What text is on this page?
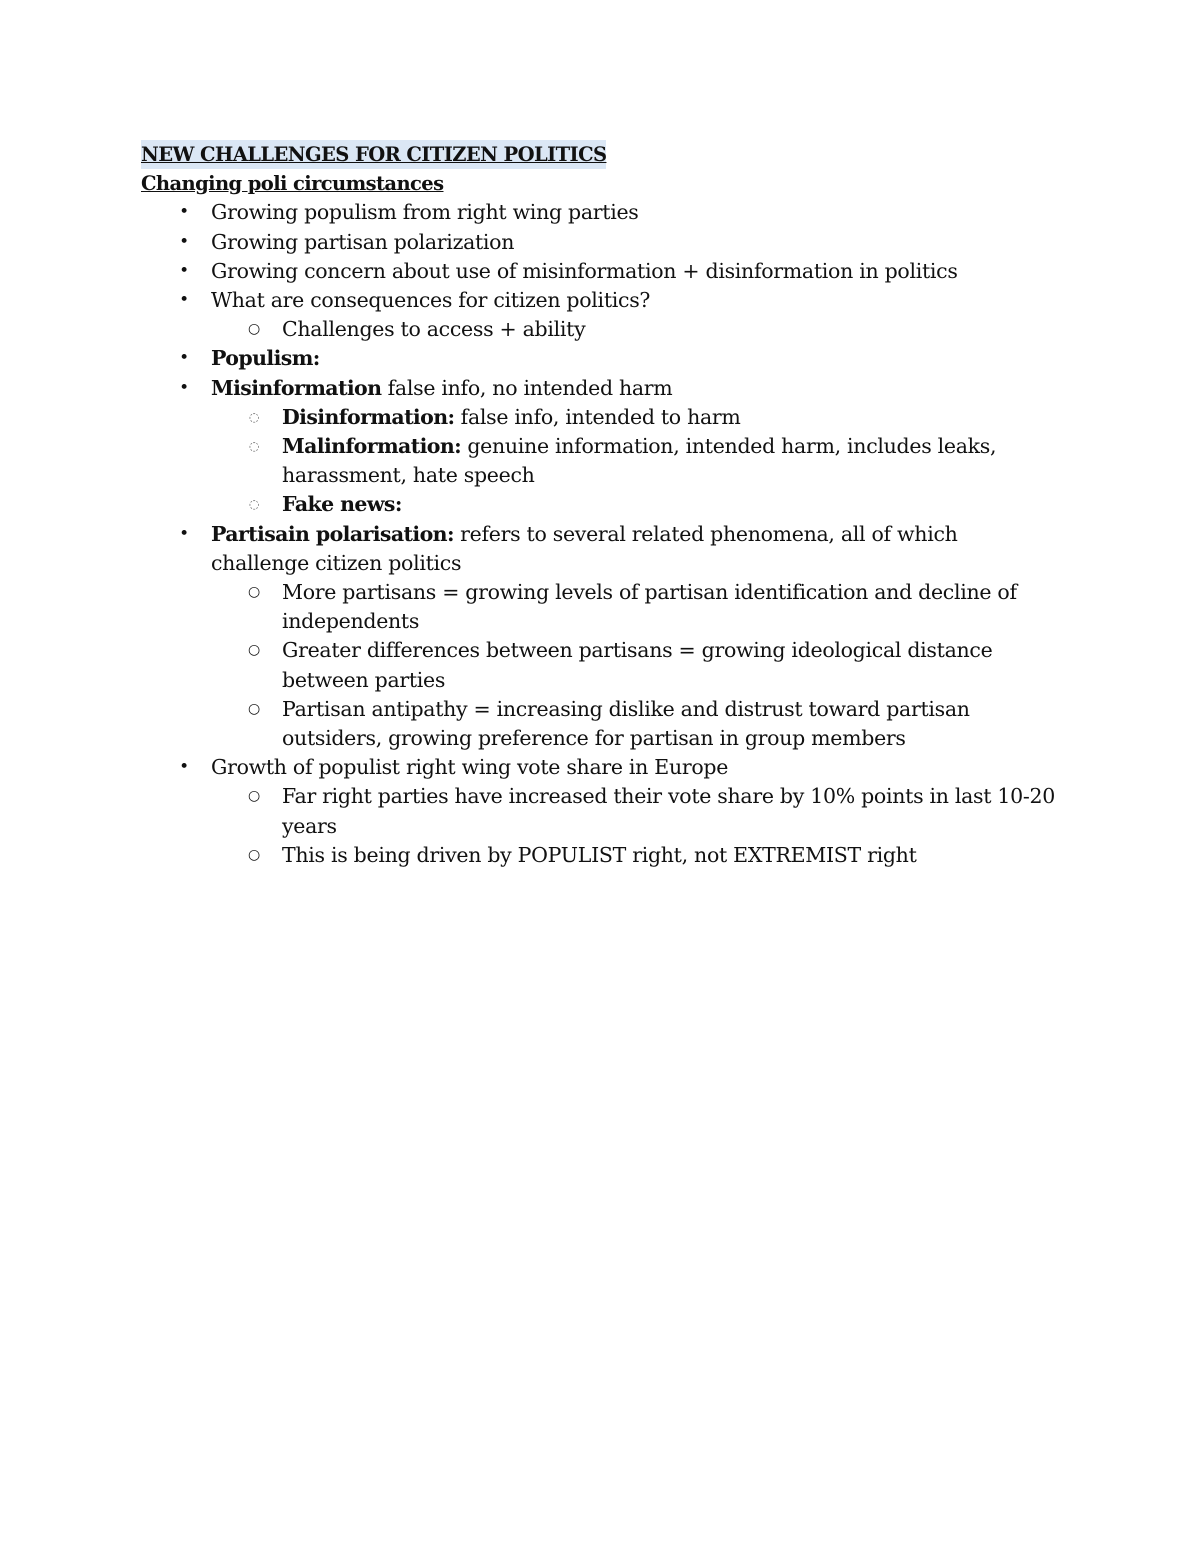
NEW CHALLENGES FOR CITIZEN POLITICS
Changing poli circumstances
• Growing populism from right wing parties
• Growing partisan polarization
• Growing concern about use of misinformation + disinformation in politics
• What are consequences for citizen politics?
○ Challenges to access + ability
• Populism:
• Misinformation false info, no intended harm
◌ Disinformation: false info, intended to harm
◌ Malinformation: genuine information, intended harm, includes leaks, harassment, hate speech
◌ Fake news:
• Partisain polarisation: refers to several related phenomena, all of which challenge citizen politics
○ More partisans = growing levels of partisan identification and decline of independents
○ Greater differences between partisans = growing ideological distance between parties
○ Partisan antipathy = increasing dislike and distrust toward partisan outsiders, growing preference for partisan in group members
• Growth of populist right wing vote share in Europe
○ Far right parties have increased their vote share by 10% points in last 10-20 years
○ This is being driven by POPULIST right, not EXTREMIST right
